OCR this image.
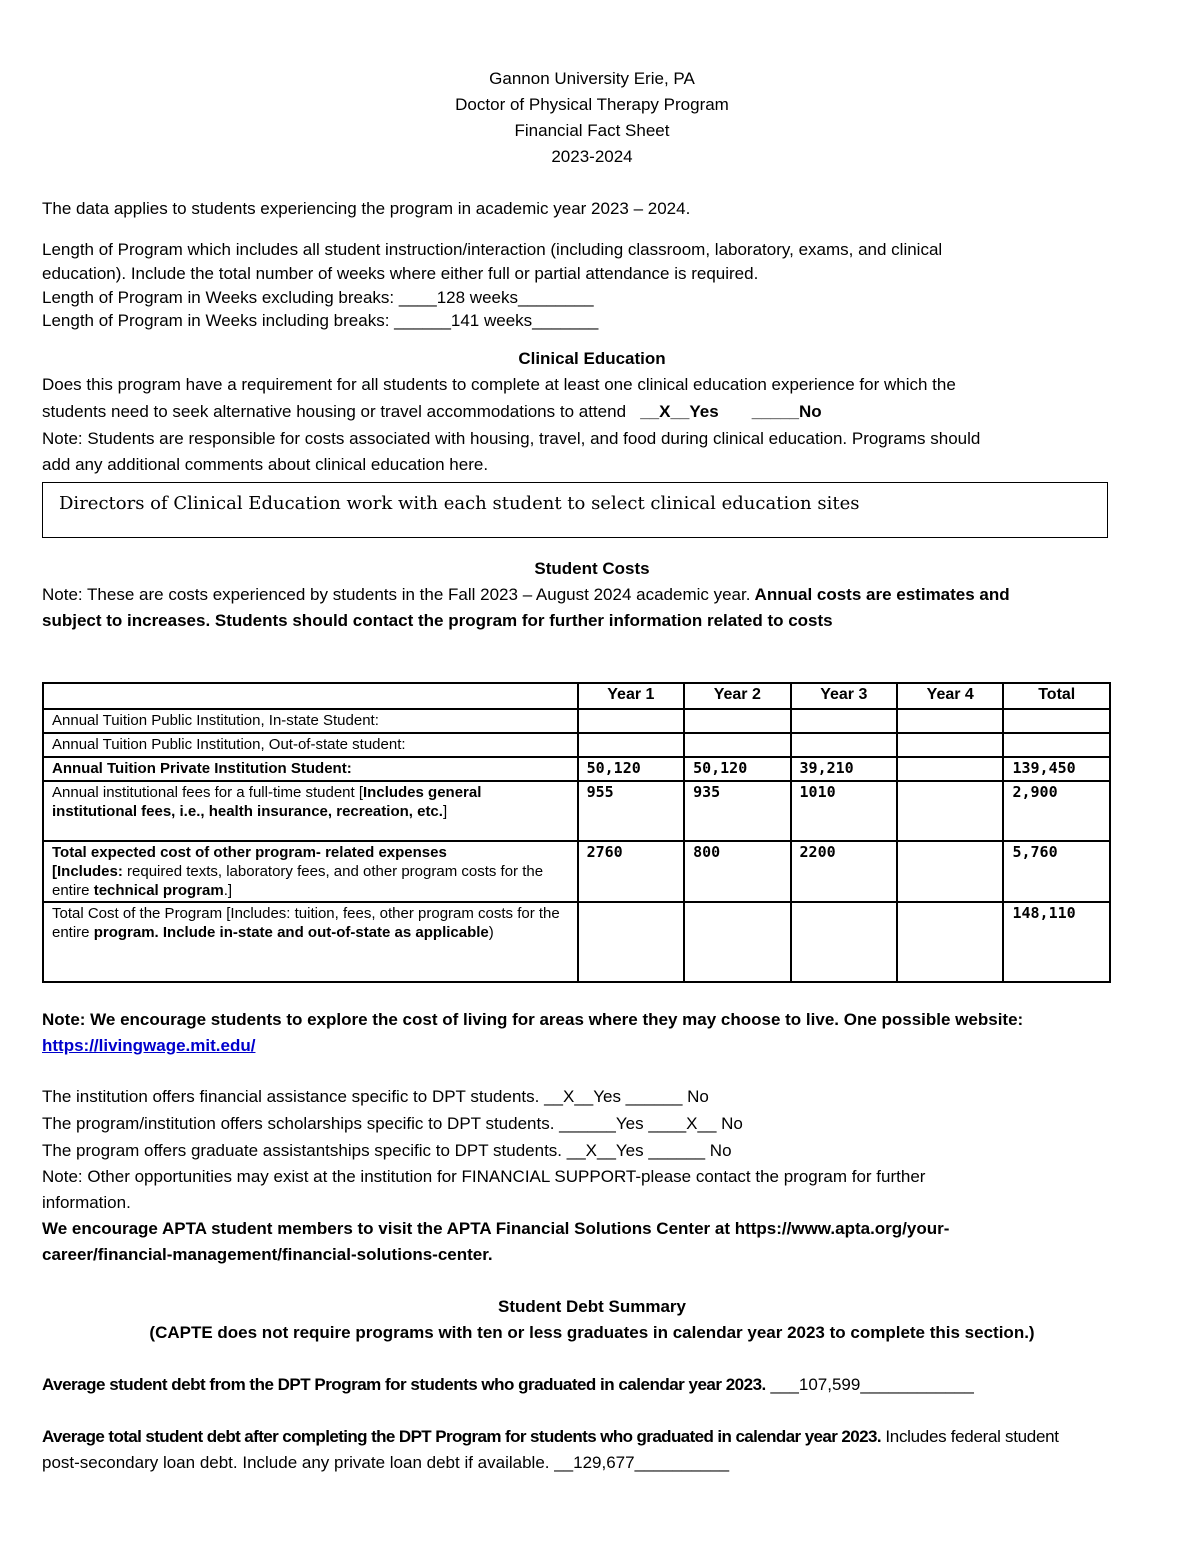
Gannon University Erie, PA
Doctor of Physical Therapy Program
Financial Fact Sheet
2023-2024
The data applies to students experiencing the program in academic year 2023 – 2024.
Length of Program which includes all student instruction/interaction (including classroom, laboratory, exams, and clinical
education). Include the total number of weeks where either full or partial attendance is required.
Length of Program in Weeks excluding breaks: ____128 weeks________
Length of Program in Weeks including breaks: ______141 weeks_______
Clinical Education
Does this program have a requirement for all students to complete at least one clinical education experience for which the
students need to seek alternative housing or travel accommodations to attend __X__Yes _____No
Note: Students are responsible for costs associated with housing, travel, and food during clinical education. Programs should
add any additional comments about clinical education here.
Directors of Clinical Education work with each student to select clinical education sites
Student Costs
Note: These are costs experienced by students in the Fall 2023 – August 2024 academic year. Annual costs are estimates and
subject to increases. Students should contact the program for further information related to costs
	Year 1	Year 2	Year 3	Year 4	Total
Annual Tuition Public Institution, In-state Student:					
Annual Tuition Public Institution, Out-of-state student:					
Annual Tuition Private Institution Student:	50,120	50,120	39,210		139,450
Annual institutional fees for a full-time student [Includes general institutional fees, i.e., health insurance, recreation, etc.]	955	935	1010		2,900
Total expected cost of other program- related expenses
[Includes: required texts, laboratory fees, and other program costs for the entire technical program.]	2760	800	2200		5,760
Total Cost of the Program [Includes: tuition, fees, other program costs for the entire program. Include in-state and out-of-state as applicable)					148,110
Note: We encourage students to explore the cost of living for areas where they may choose to live. One possible website:
https://livingwage.mit.edu/
The institution offers financial assistance specific to DPT students. __X__Yes ______ No
The program/institution offers scholarships specific to DPT students. ______Yes ____X__ No
The program offers graduate assistantships specific to DPT students. __X__Yes ______ No
Note: Other opportunities may exist at the institution for FINANCIAL SUPPORT-please contact the program for further
information.
We encourage APTA student members to visit the APTA Financial Solutions Center at https://www.apta.org/your-
career/financial-management/financial-solutions-center.
Student Debt Summary
(CAPTE does not require programs with ten or less graduates in calendar year 2023 to complete this section.)
Average student debt from the DPT Program for students who graduated in calendar year 2023. ___107,599____________
Average total student debt after completing the DPT Program for students who graduated in calendar year 2023. Includes federal student
post-secondary loan debt. Include any private loan debt if available. __129,677__________
